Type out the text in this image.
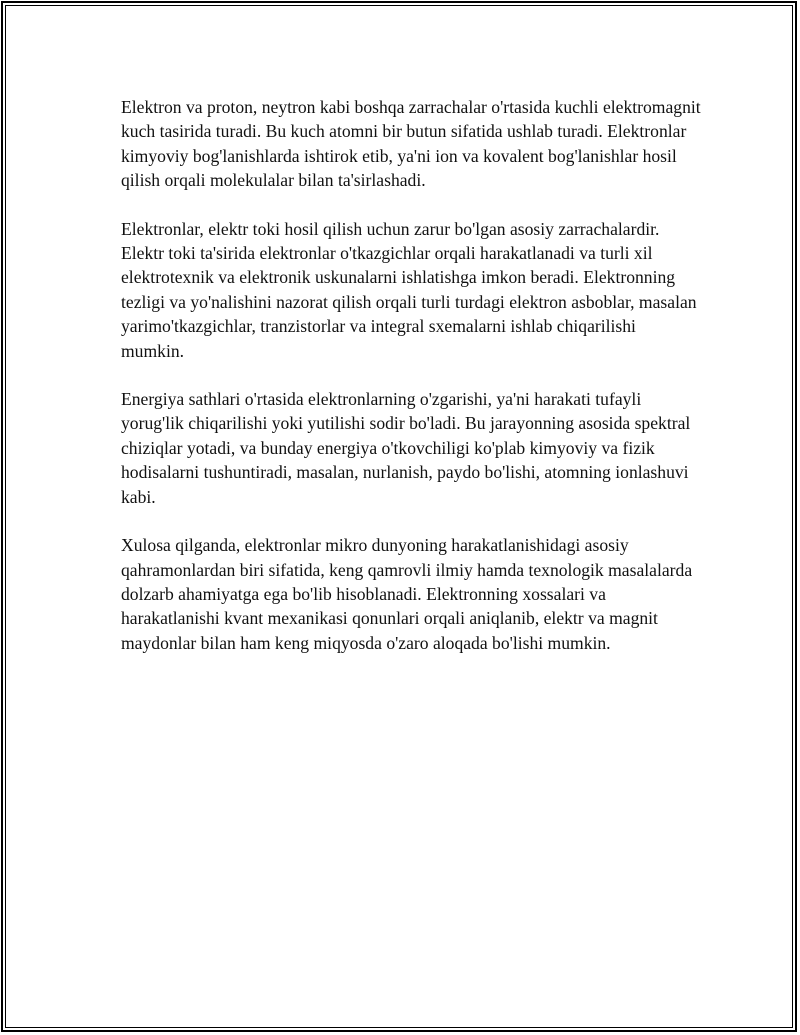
Elektron va proton, neytron kabi boshqa zarrachalar o'rtasida kuchli elektromagnit kuch tasirida turadi. Bu kuch atomni bir butun sifatida ushlab turadi. Elektronlar kimyoviy bog'lanishlarda ishtirok etib, ya'ni ion va kovalent bog'lanishlar hosil qilish orqali molekulalar bilan ta'sirlashadi.

Elektronlar, elektr toki hosil qilish uchun zarur bo'lgan asosiy zarrachalardir. Elektr toki ta'sirida elektronlar o'tkazgichlar orqali harakatlanadi va turli xil elektrotexnik va elektronik uskunalarni ishlatishga imkon beradi. Elektronning tezligi va yo'nalishini nazorat qilish orqali turli turdagi elektron asboblar, masalan yarimo'tkazgichlar, tranzistorlar va integral sxemalarni ishlab chiqarilishi mumkin.

Energiya sathlari o'rtasida elektronlarning o'zgarishi, ya'ni harakati tufayli yorug'lik chiqarilishi yoki yutilishi sodir bo'ladi. Bu jarayonning asosida spektral chiziqlar yotadi, va bunday energiya o'tkovchiligi ko'plab kimyoviy va fizik hodisalarni tushuntiradi, masalan, nurlanish, paydo bo'lishi, atomning ionlashuvi kabi.

Xulosa qilganda, elektronlar mikro dunyoning harakatlanishidagi asosiy qahramonlardan biri sifatida, keng qamrovli ilmiy hamda texnologik masalalarda dolzarb ahamiyatga ega bo'lib hisoblanadi. Elektronning xossalari va harakatlanishi kvant mexanikasi qonunlari orqali aniqlanib, elektr va magnit maydonlar bilan ham keng miqyosda o'zaro aloqada bo'lishi mumkin.
